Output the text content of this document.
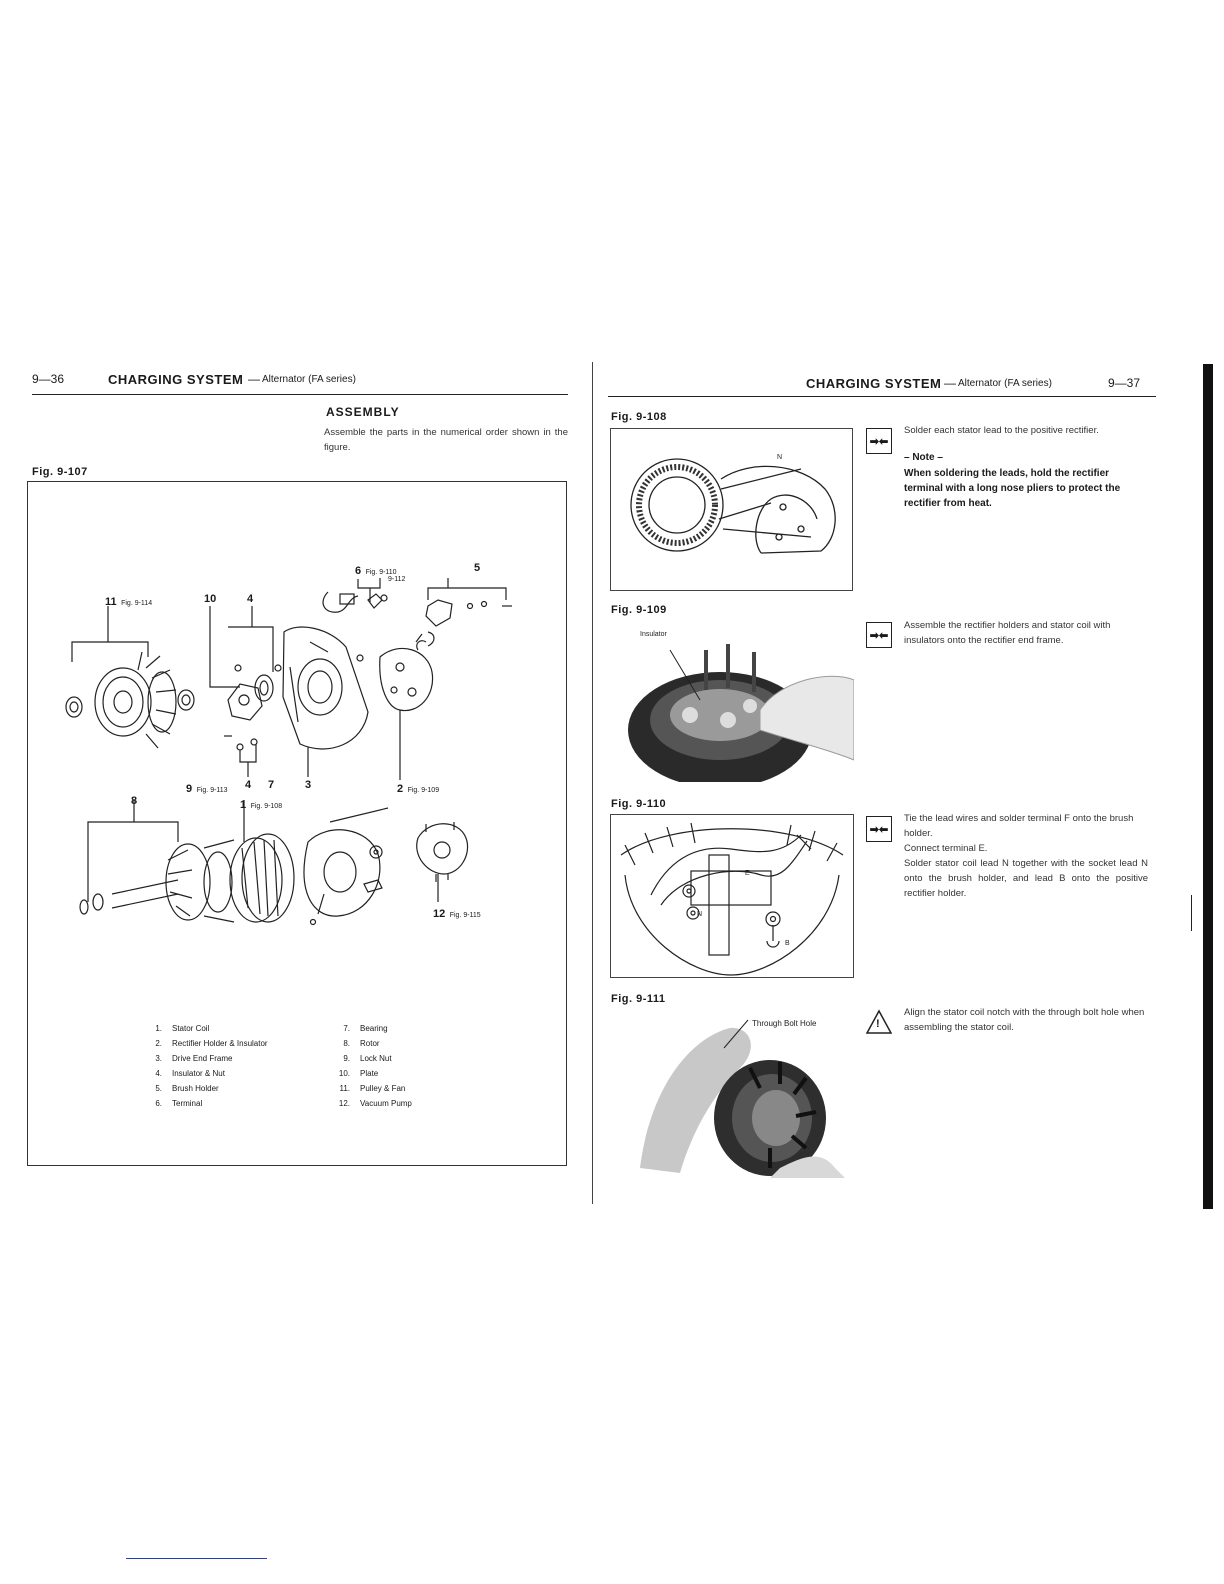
9—36	CHARGING SYSTEM — Alternator (FA series)
ASSEMBLY
Assemble the parts in the numerical order shown in the figure.
Fig. 9-107
11 Fig. 9-114	10	4
6 Fig. 9-110
9-112
5
9 Fig. 9-113 4 7	3	2 Fig. 9-109
8	1 Fig. 9-108
12 Fig. 9-115
1. Stator Coil
2. Rectifier Holder & Insulator
3. Drive End Frame
4. Insulator & Nut
5. Brush Holder
6. Terminal
7. Bearing
8. Rotor
9. Lock Nut
10. Plate
11. Pulley & Fan
12. Vacuum Pump
CHARGING SYSTEM — Alternator (FA series)	9—37
Fig. 9-108
N
➡⬅
Solder each stator lead to the positive rectifier.
– Note –
When soldering the leads, hold the rectifier terminal with a long nose pliers to protect the rectifier from heat.
Fig. 9-109
Insulator	➡⬅
Assemble the rectifier holders and stator coil with insulators onto the rectifier end frame.
Fig. 9-110
E
N
B
➡⬅
Tie the lead wires and solder terminal F onto the brush holder.
Connect terminal E.
Solder stator coil lead N together with the socket lead N onto the brush holder, and lead B onto the positive rectifier holder.
Fig. 9-111
Through Bolt Hole	!
Align the stator coil notch with the through bolt hole when assembling the stator coil.
